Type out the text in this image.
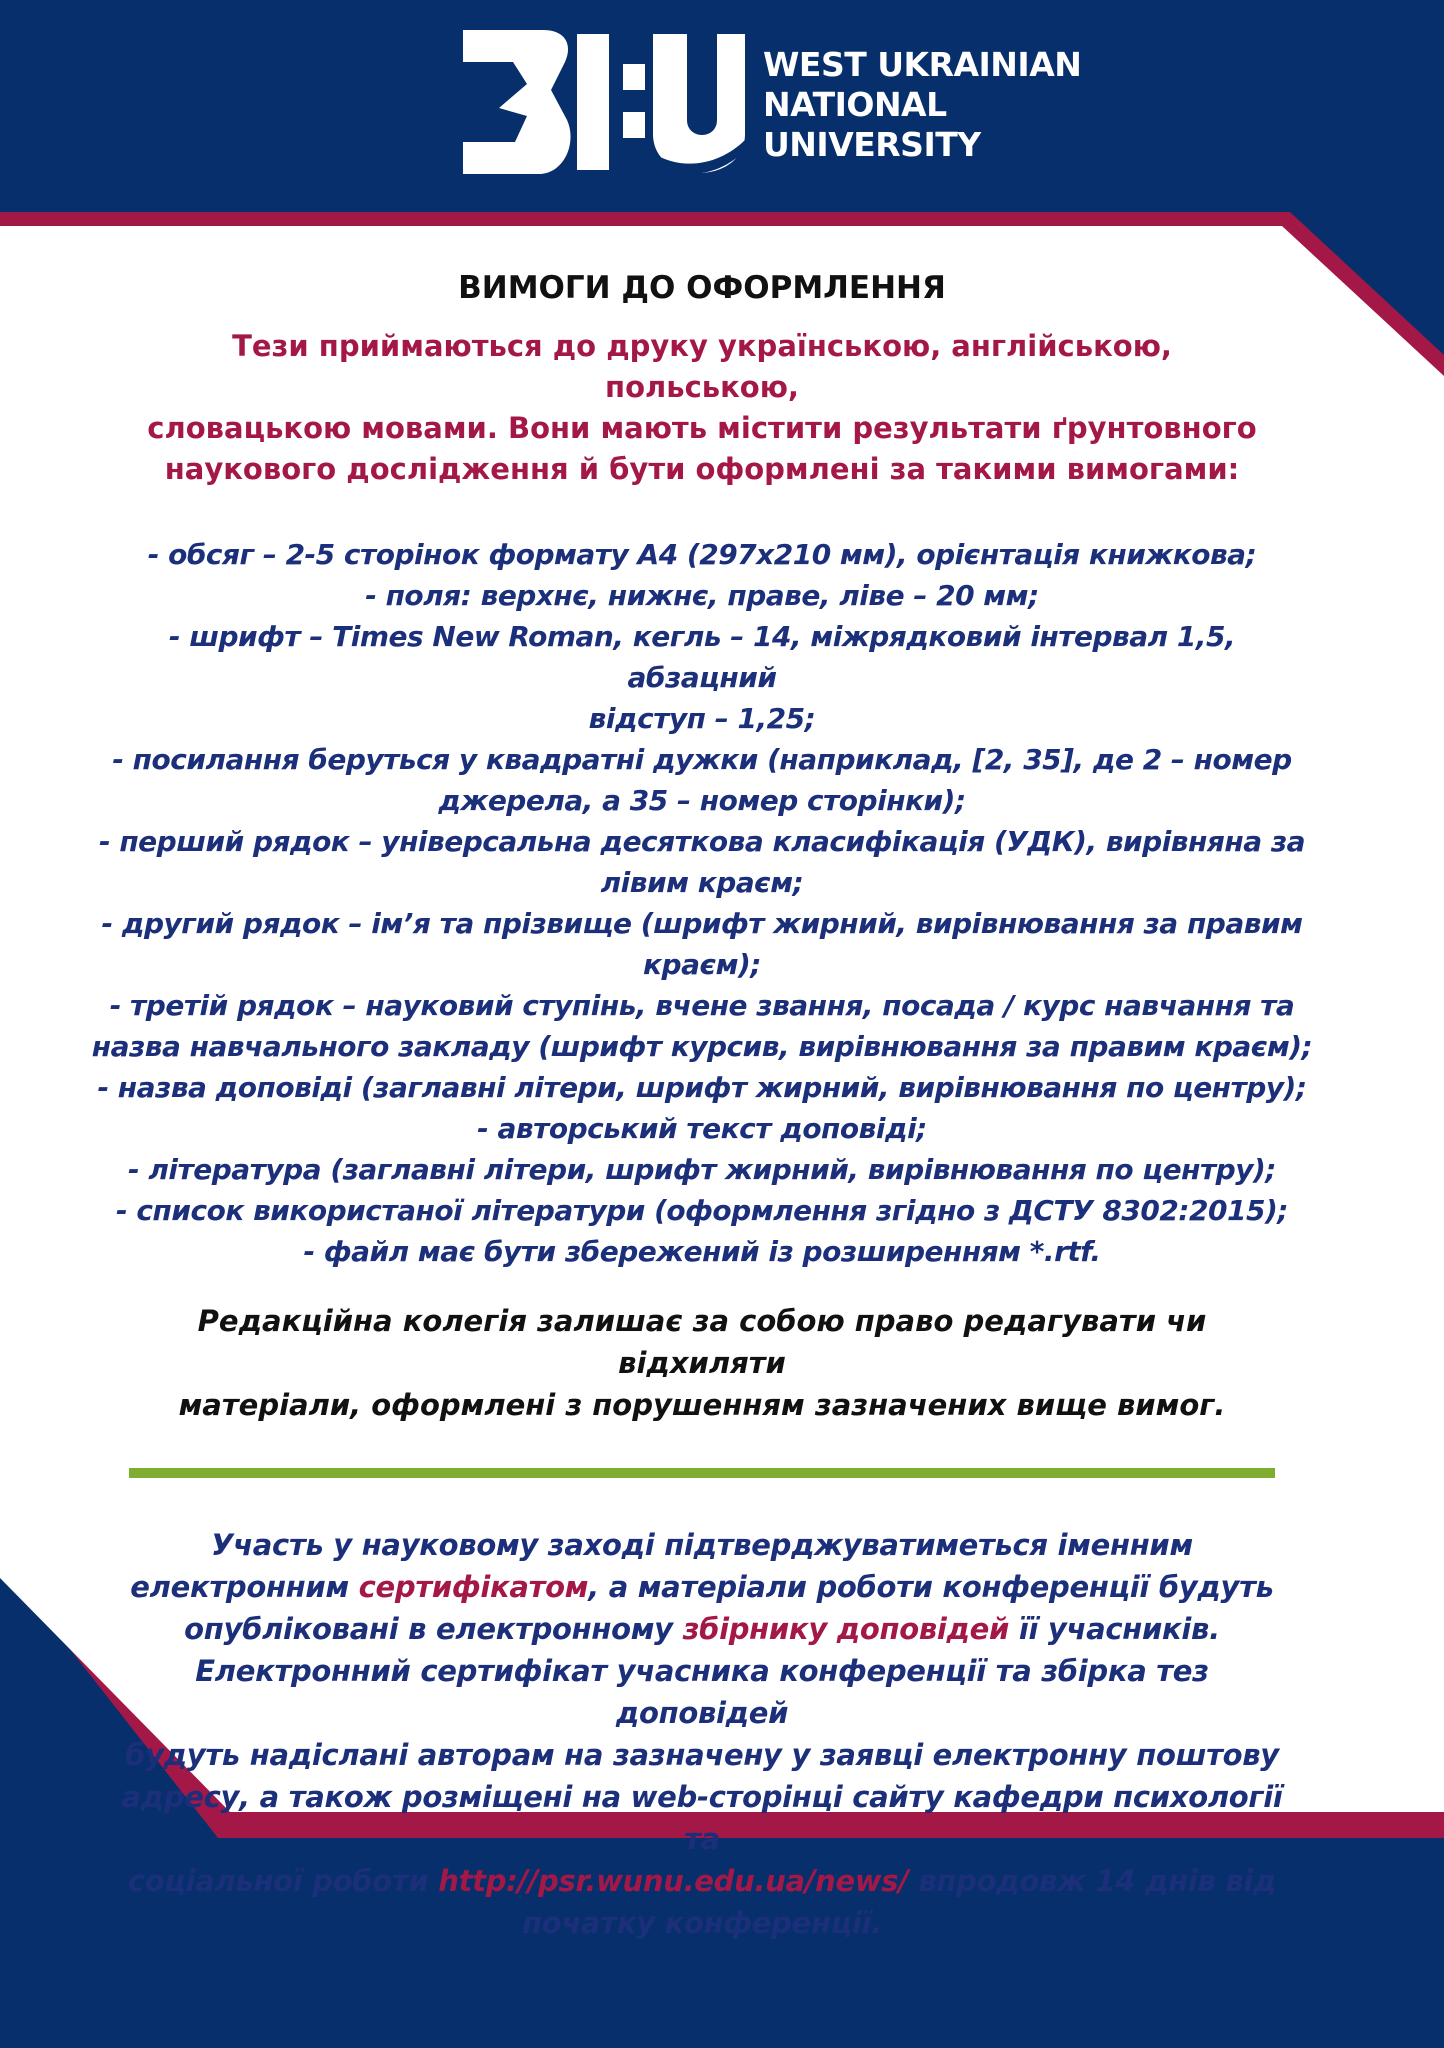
WEST UKRAINIAN
NATIONAL
UNIVERSITY
ВИМОГИ ДО ОФОРМЛЕННЯ
Тези приймаються до друку українською, англійською, польською,
словацькою мовами. Вони мають містити результати ґрунтовного
наукового дослідження й бути оформлені за такими вимогами:
- обсяг – 2-5 сторінок формату А4 (297x210 мм), орієнтація книжкова;
- поля: верхнє, нижнє, праве, ліве – 20 мм;
- шрифт – Times New Roman, кегль – 14, міжрядковий інтервал 1,5, абзацний
відступ – 1,25;
- посилання беруться у квадратні дужки (наприклад, [2, 35], де 2 – номер
джерела, а 35 – номер сторінки);
- перший рядок – універсальна десяткова класифікація (УДК), вирівняна за
лівим краєм;
- другий рядок – ім’я та прізвище (шрифт жирний, вирівнювання за правим
краєм);
- третій рядок – науковий ступінь, вчене звання, посада / курс навчання та
назва навчального закладу (шрифт курсив, вирівнювання за правим краєм);
- назва доповіді (заглавні літери, шрифт жирний, вирівнювання по центру);
- авторський текст доповіді;
- література (заглавні літери, шрифт жирний, вирівнювання по центру);
- список використаної літератури (оформлення згідно з ДСТУ 8302:2015);
- файл має бути збережений із розширенням *.rtf.
Редакційна колегія залишає за собою право редагувати чи відхиляти
матеріали, оформлені з порушенням зазначених вище вимог.
Участь у науковому заході підтверджуватиметься іменним
електронним сертифікатом, а матеріали роботи конференції будуть
опубліковані в електронному збірнику доповідей її учасників.
Електронний сертифікат учасника конференції та збірка тез доповідей
будуть надіслані авторам на зазначену у заявці електронну поштову
адресу, а також розміщені на web-сторінці сайту кафедри психології та
соціальної роботи http://psr.wunu.edu.ua/news/ впродовж 14 днів від
початку конференції.
